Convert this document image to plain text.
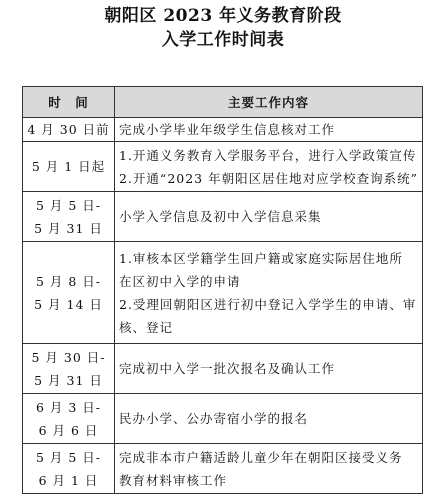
朝阳区 2023 年义务教育阶段
入学工作时间表
时　间	主要工作内容

4 月 30 日前	完成小学毕业年级学生信息核对工作

5 月 1 日起	1.开通义务教育入学服务平台，进行入学政策宣传
2.开通“2023 年朝阳区居住地对应学校查询系统”

5 月 5 日-
5 月 31 日	小学入学信息及初中入学信息采集

5 月 8 日-
5 月 14 日	1.审核本区学籍学生回户籍或家庭实际居住地所
在区初中入学的申请
2.受理回朝阳区进行初中登记入学学生的申请、审
核、登记

5 月 30 日-
5 月 31 日	完成初中入学一批次报名及确认工作

6 月 3 日-
6 月 6 日	民办小学、公办寄宿小学的报名

5 月 5 日-
6 月 1 日	完成非本市户籍适龄儿童少年在朝阳区接受义务
教育材料审核工作
